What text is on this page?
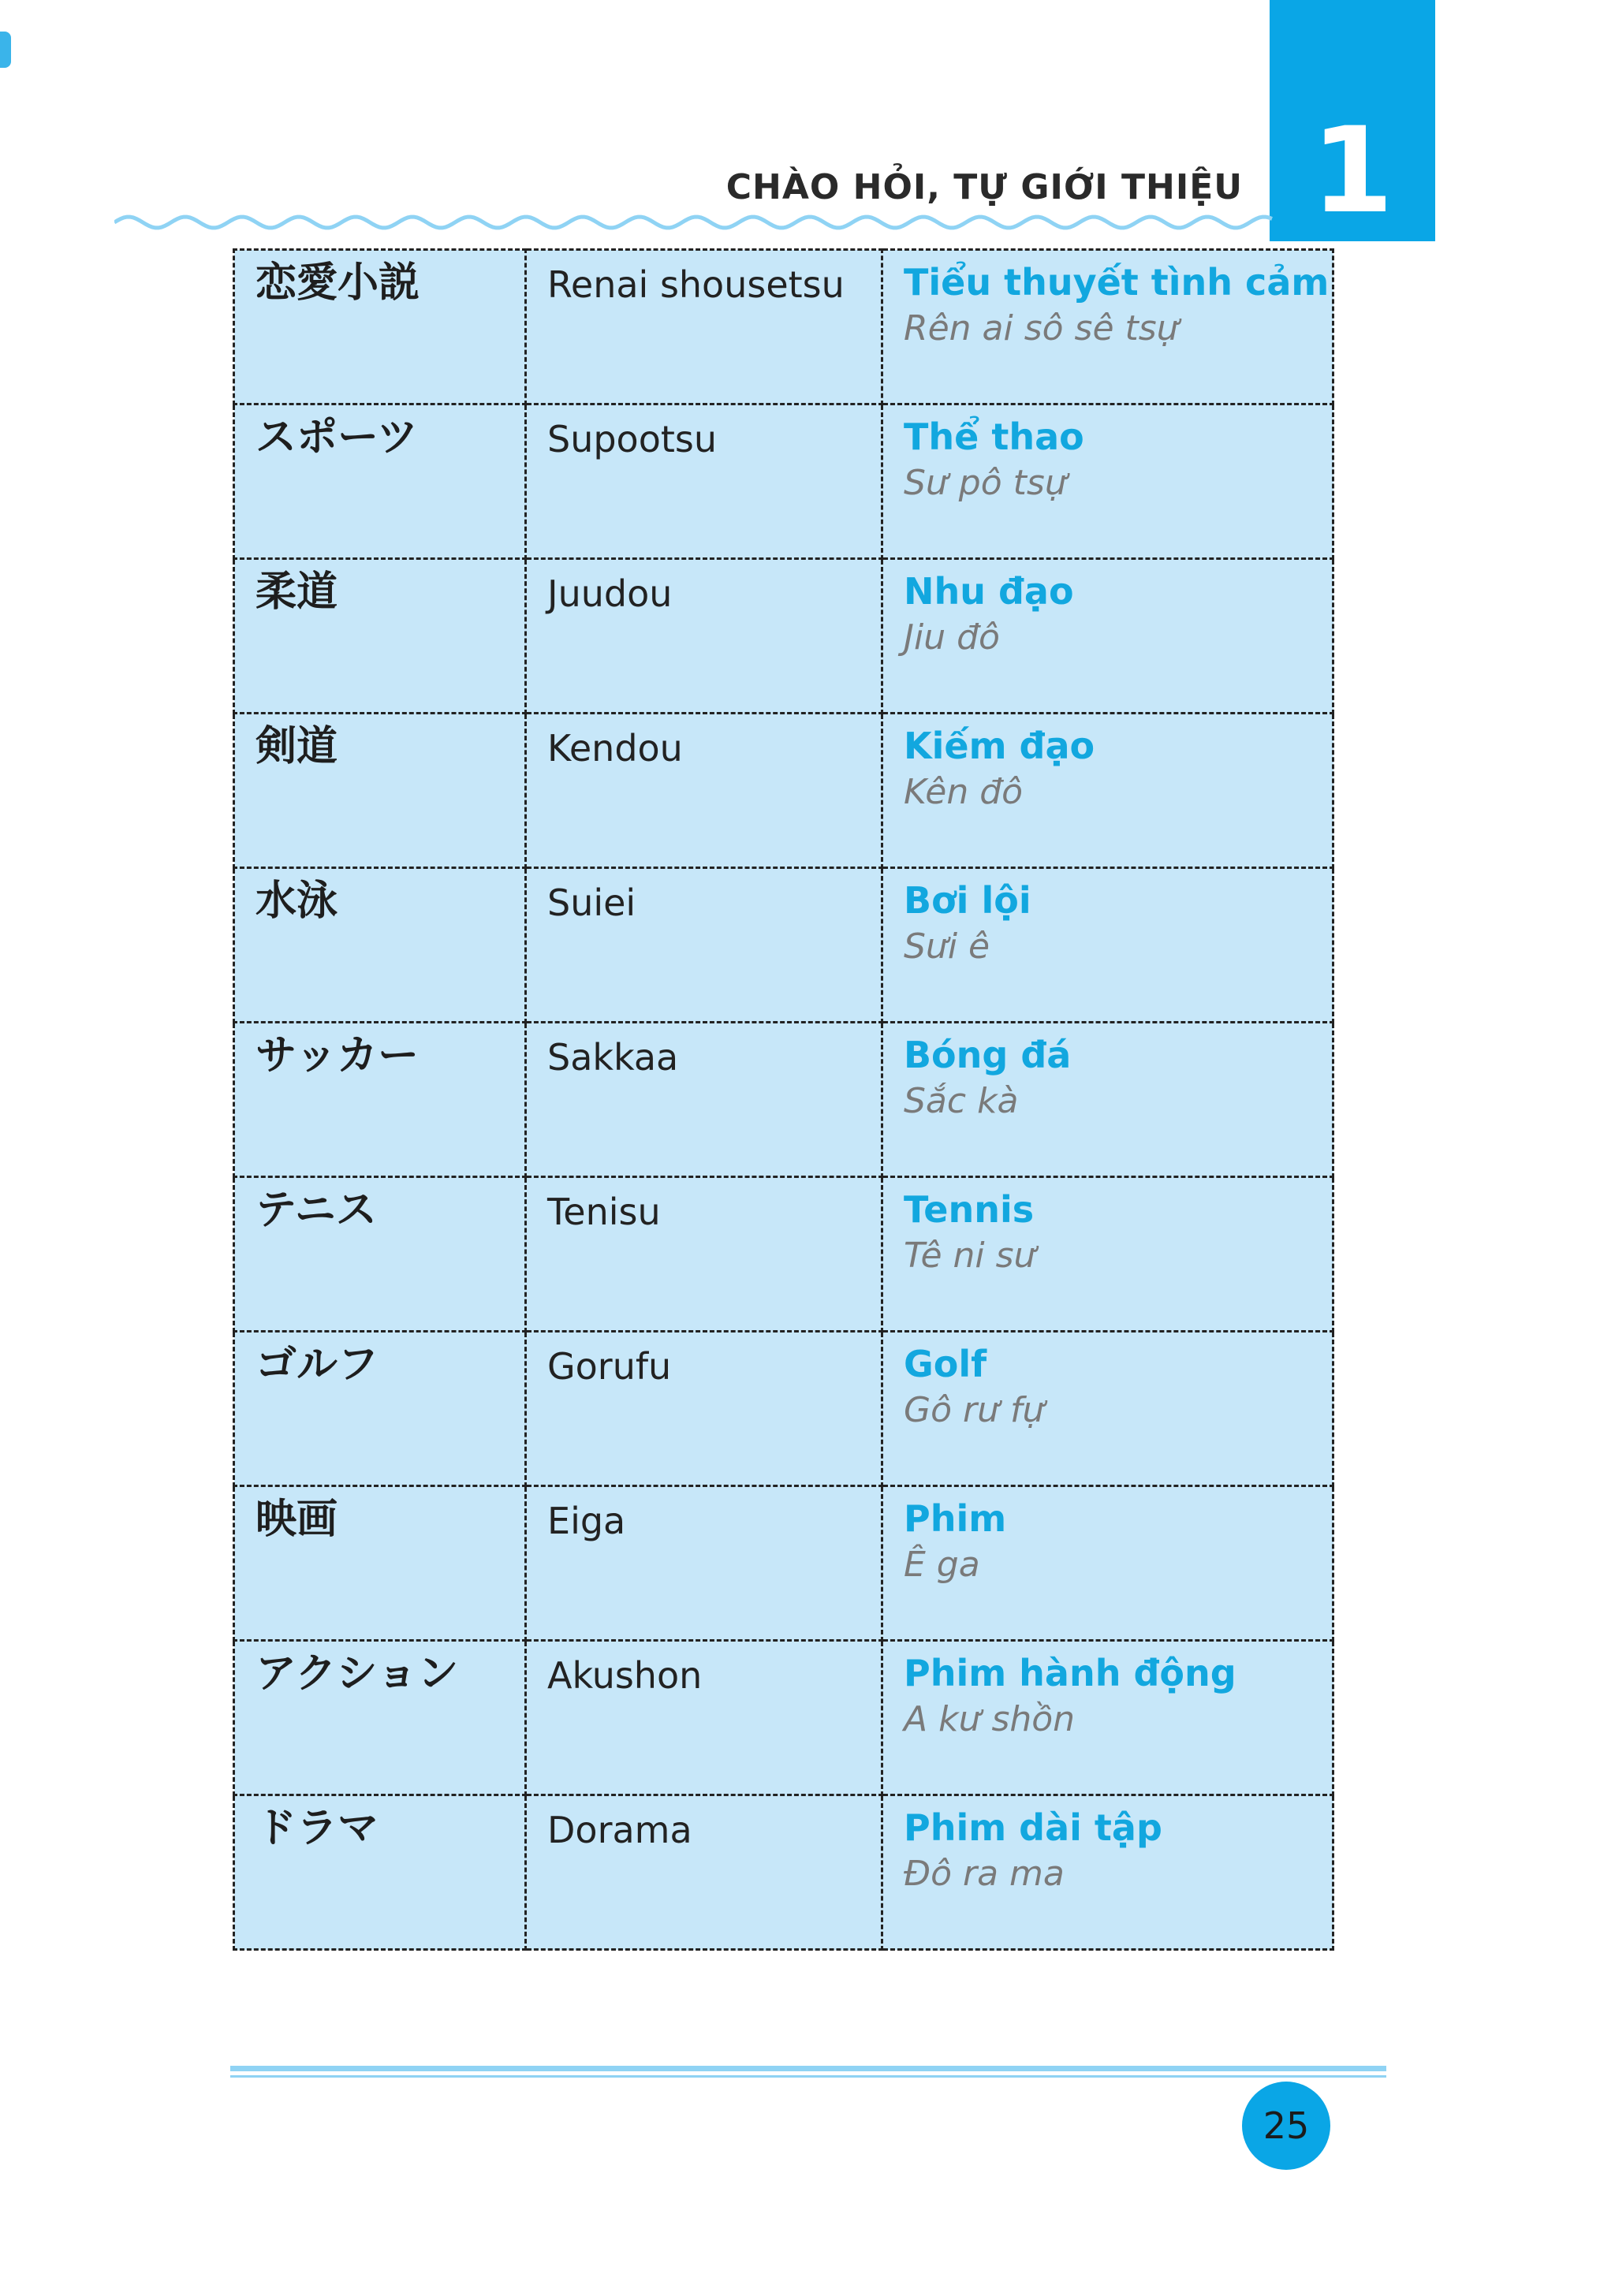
1
CHÀO HỎI, TỰ GIỚI THIỆU
恋愛小説	Renai shousetsu	Tiểu thuyết tình cảm
Rên ai sô sê tsự

スポーツ	Supootsu	Thể thao
Sư pô tsự

柔道	Juudou	Nhu đạo
Jiu đô

剣道	Kendou	Kiếm đạo
Kên đô

水泳	Suiei	Bơi lội
Sưi ê

サッカー	Sakkaa	Bóng đá
Sắc kà

テニス	Tenisu	Tennis
Tê ni sư

ゴルフ	Gorufu	Golf
Gô rư fự

映画	Eiga	Phim
Ê ga

アクション	Akushon	Phim hành động
A kư shồn

ドラマ	Dorama	Phim dài tập
Đô ra ma
25
